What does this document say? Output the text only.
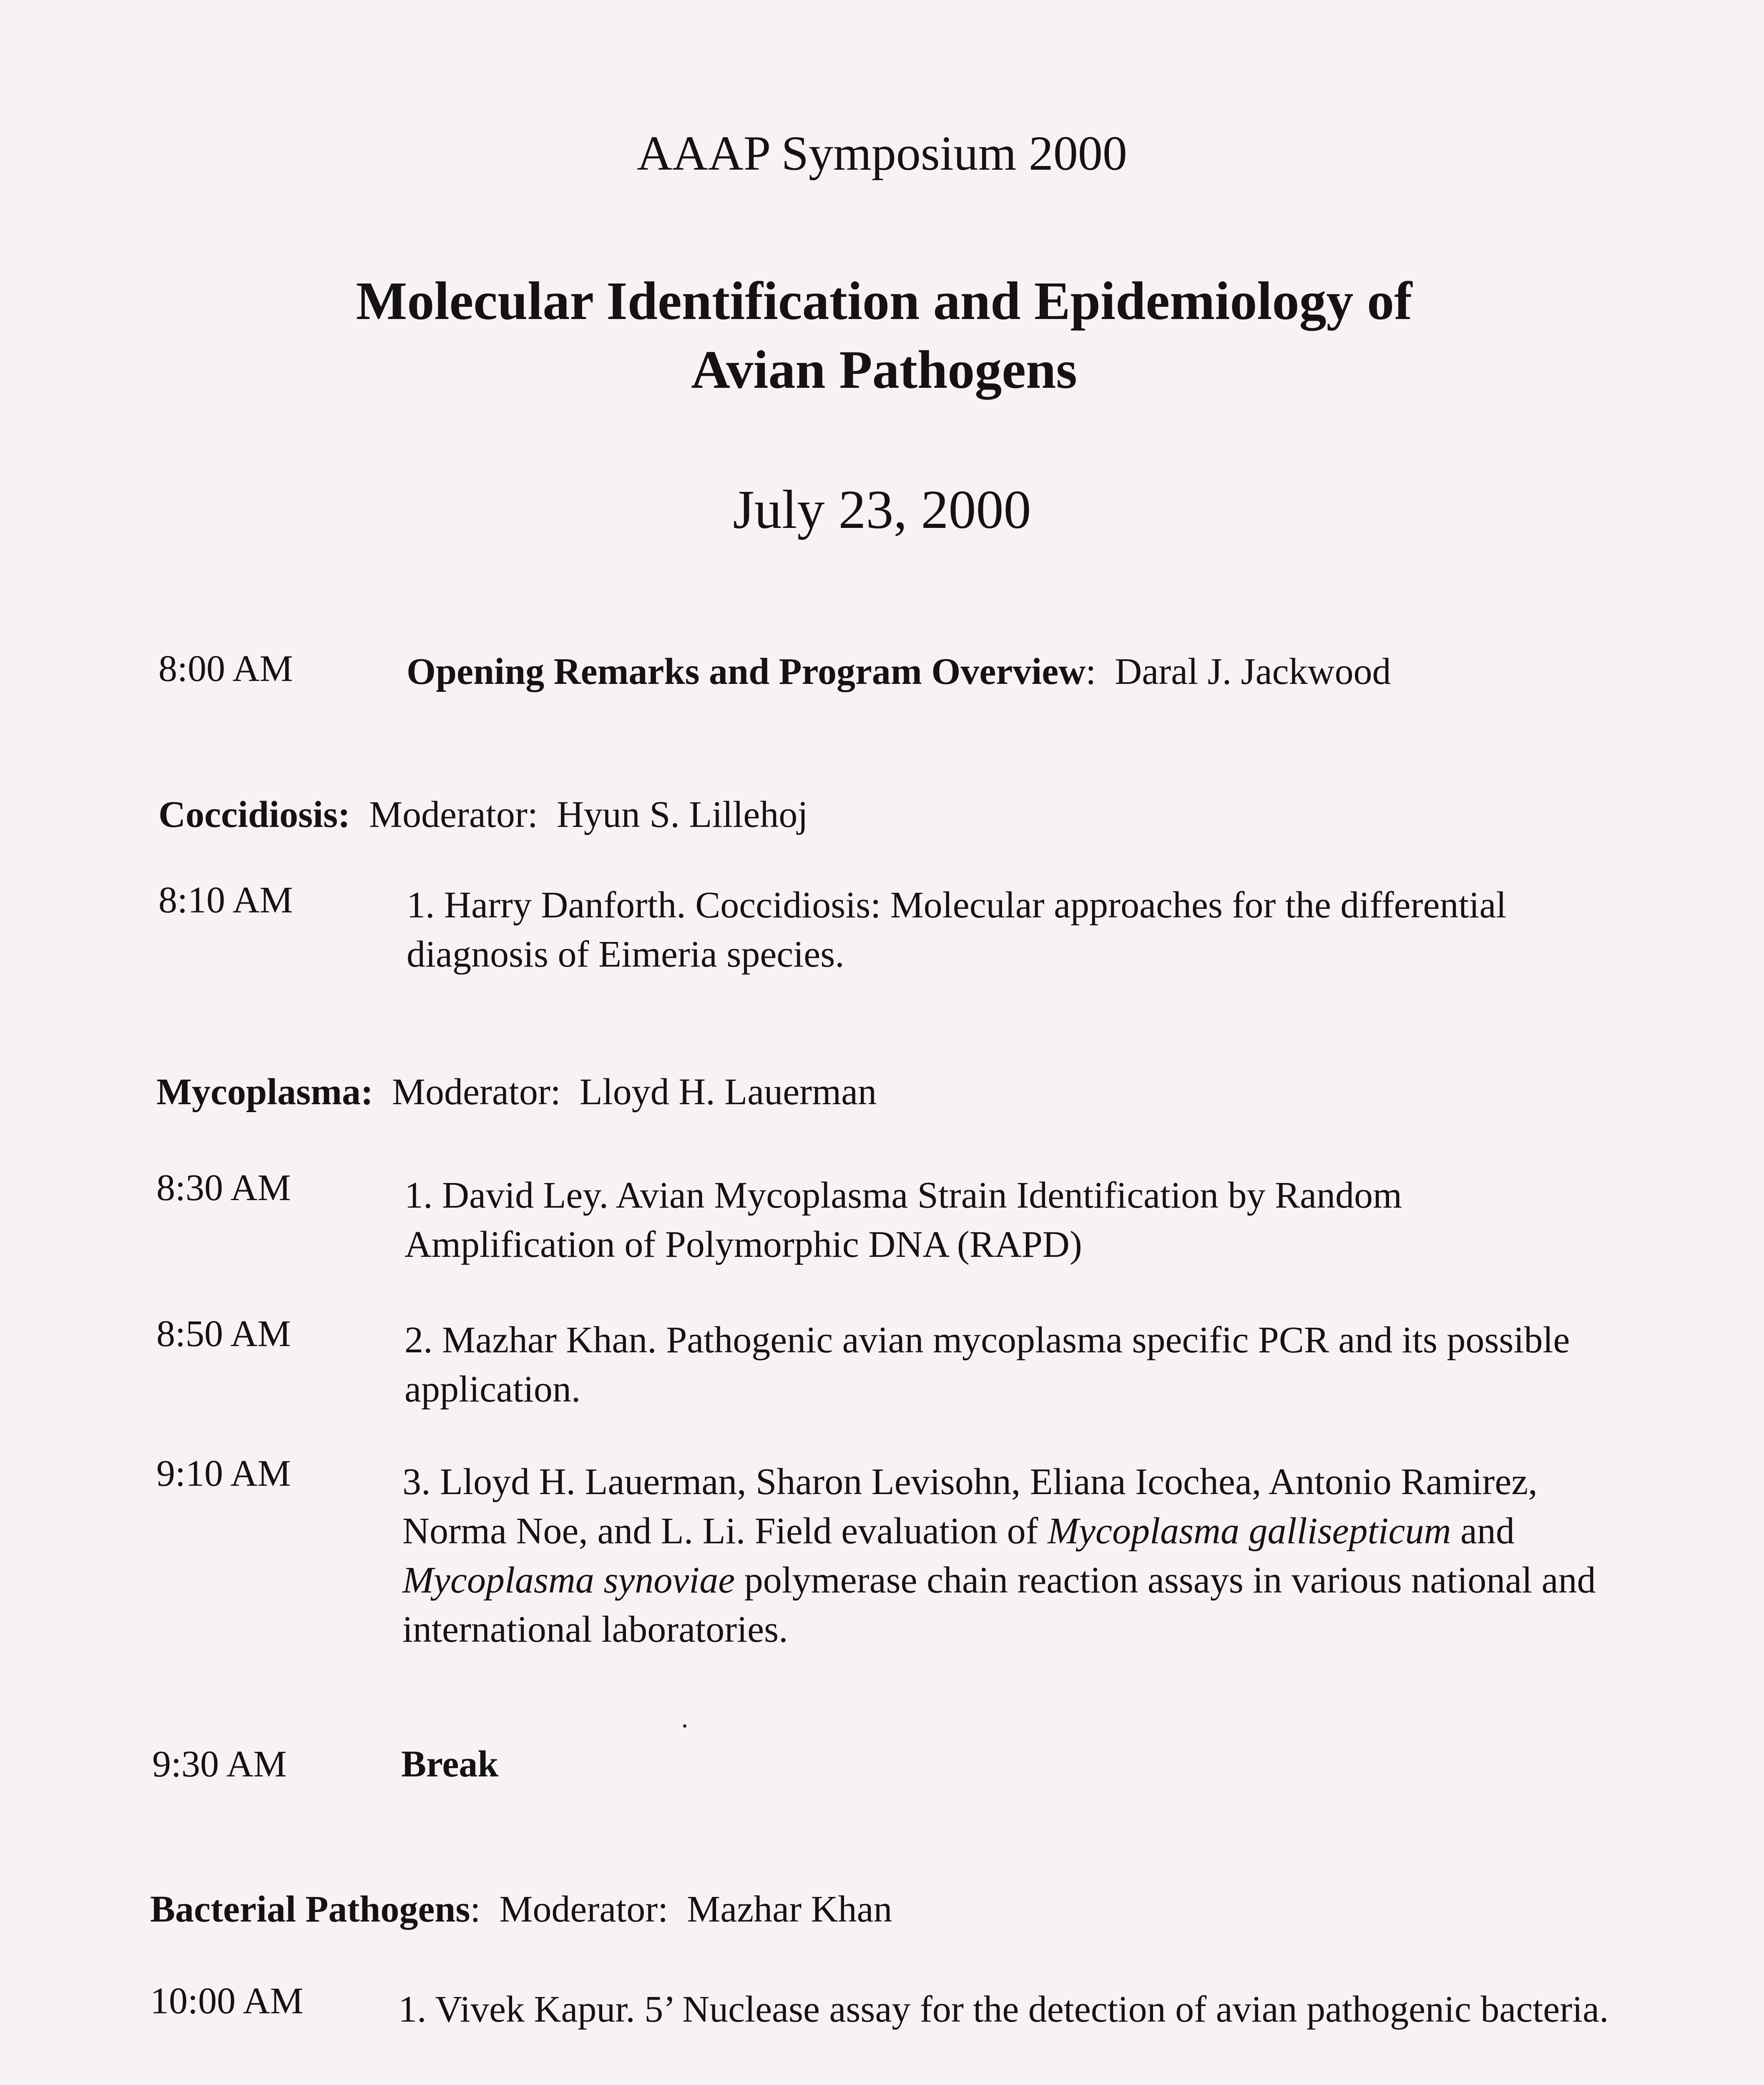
AAAP Symposium 2000
Molecular Identification and Epidemiology of
Avian Pathogens
July 23, 2000
8:00 AM	Opening Remarks and Program Overview: Daral J. Jackwood
Coccidiosis: Moderator: Hyun S. Lillehoj
8:10 AM	1. Harry Danforth. Coccidiosis: Molecular approaches for the differential diagnosis of Eimeria species.
Mycoplasma: Moderator: Lloyd H. Lauerman
8:30 AM	1. David Ley. Avian Mycoplasma Strain Identification by Random Amplification of Polymorphic DNA (RAPD)
8:50 AM	2. Mazhar Khan. Pathogenic avian mycoplasma specific PCR and its possible application.
9:10 AM	3. Lloyd H. Lauerman, Sharon Levisohn, Eliana Icochea, Antonio Ramirez, Norma Noe, and L. Li. Field evaluation of Mycoplasma gallisepticum and Mycoplasma synoviae polymerase chain reaction assays in various national and international laboratories.
9:30 AM	Break
Bacterial Pathogens: Moderator: Mazhar Khan
10:00 AM	1. Vivek Kapur. 5’ Nuclease assay for the detection of avian pathogenic bacteria.
